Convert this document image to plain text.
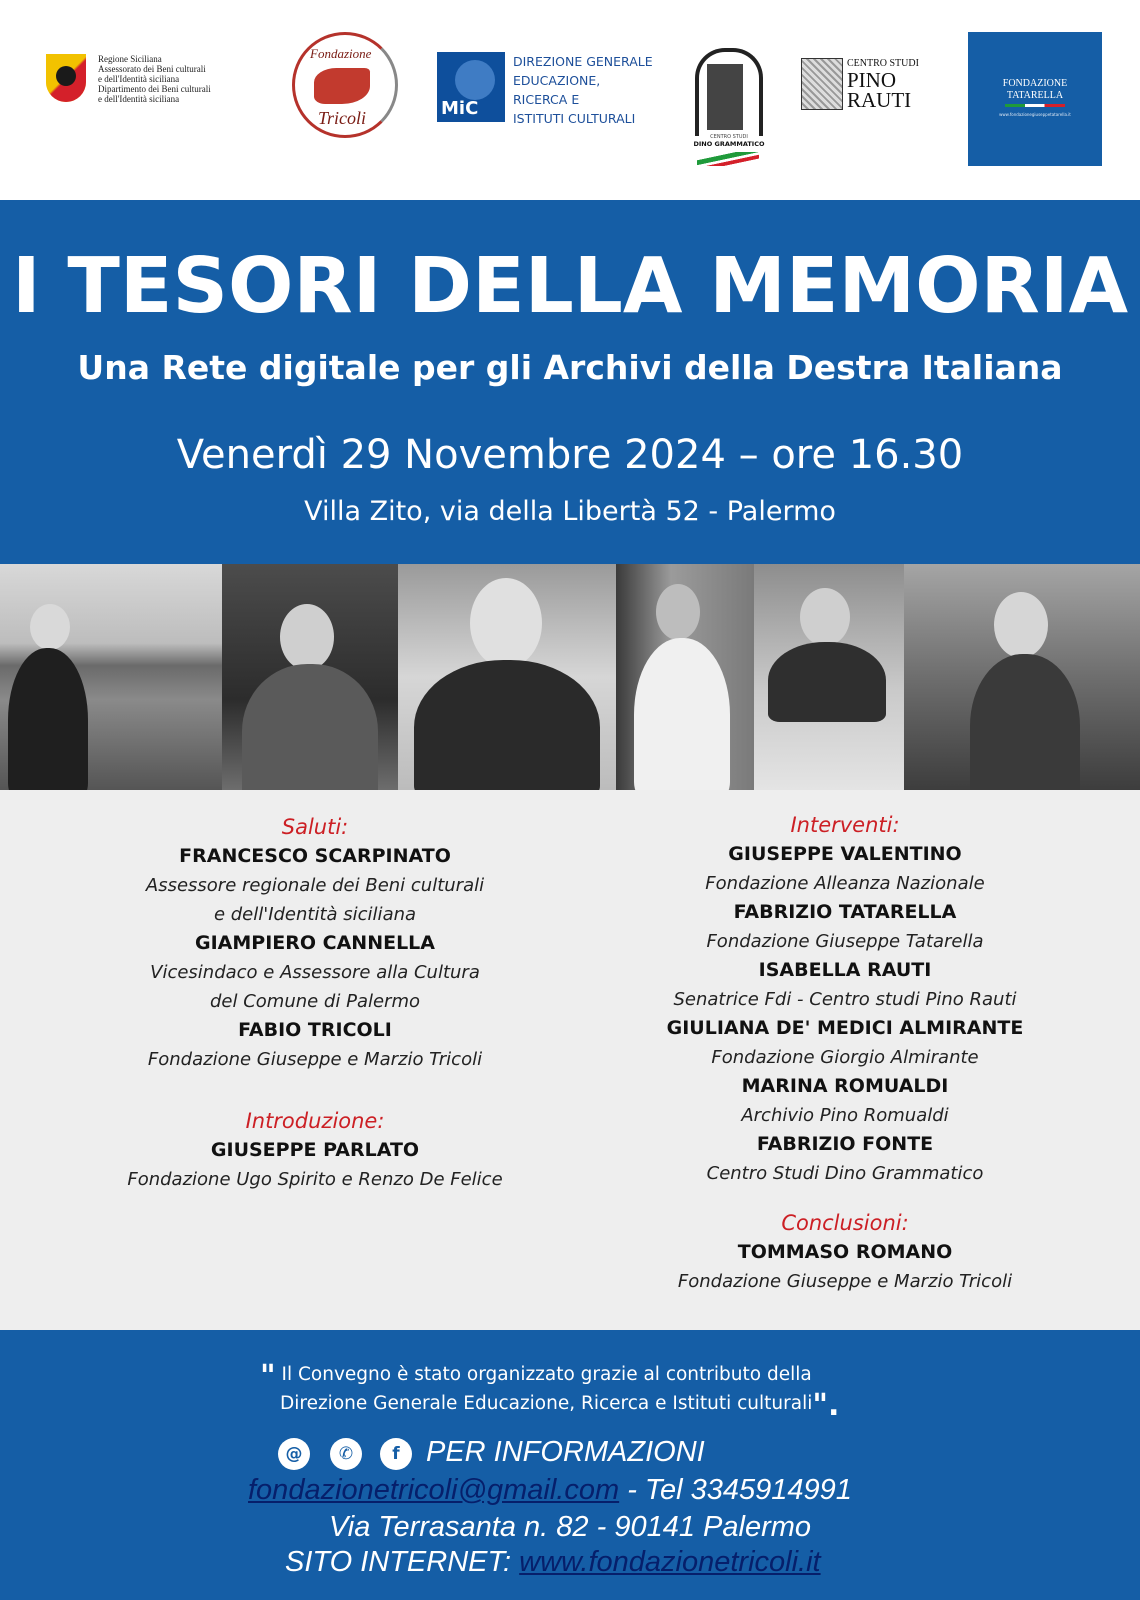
Regione Siciliana
Assessorato dei Beni culturali
e dell'Identità siciliana
Dipartimento dei Beni culturali
e dell'Identità siciliana
Fondazione
Tricoli	MiC
DIREZIONE GENERALE
EDUCAZIONE,
RICERCA E
ISTITUTI CULTURALI
CENTRO STUDI
DINO GRAMMATICO
CENTRO STUDI
PINO
RAUTI
FONDAZIONE
TATARELLA
www.fondazionegiuseppetatarella.it
I TESORI DELLA MEMORIA
Una Rete digitale per gli Archivi della Destra Italiana
Venerdì 29 Novembre 2024 – ore 16.30
Villa Zito, via della Libertà 52 - Palermo
Saluti:
FRANCESCO SCARPINATO
Assessore regionale dei Beni culturali
e dell'Identità siciliana
GIAMPIERO CANNELLA
Vicesindaco e Assessore alla Cultura
del Comune di Palermo
FABIO TRICOLI
Fondazione Giuseppe e Marzio Tricoli
Introduzione:
GIUSEPPE PARLATO
Fondazione Ugo Spirito e Renzo De Felice
Interventi:
GIUSEPPE VALENTINO
Fondazione Alleanza Nazionale
FABRIZIO TATARELLA
Fondazione Giuseppe Tatarella
ISABELLA RAUTI
Senatrice Fdi - Centro studi Pino Rauti
GIULIANA DE' MEDICI ALMIRANTE
Fondazione Giorgio Almirante
MARINA ROMUALDI
Archivio Pino Romualdi
FABRIZIO FONTE
Centro Studi Dino Grammatico
Conclusioni:
TOMMASO ROMANO
Fondazione Giuseppe e Marzio Tricoli
" Il Convegno è stato organizzato grazie al contributo della
Direzione Generale Educazione, Ricerca e Istituti culturali".
@	✆	f PER INFORMAZIONI
fondazionetricoli@gmail.com - Tel 3345914991
Via Terrasanta n. 82 - 90141 Palermo
SITO INTERNET: www.fondazionetricoli.it
